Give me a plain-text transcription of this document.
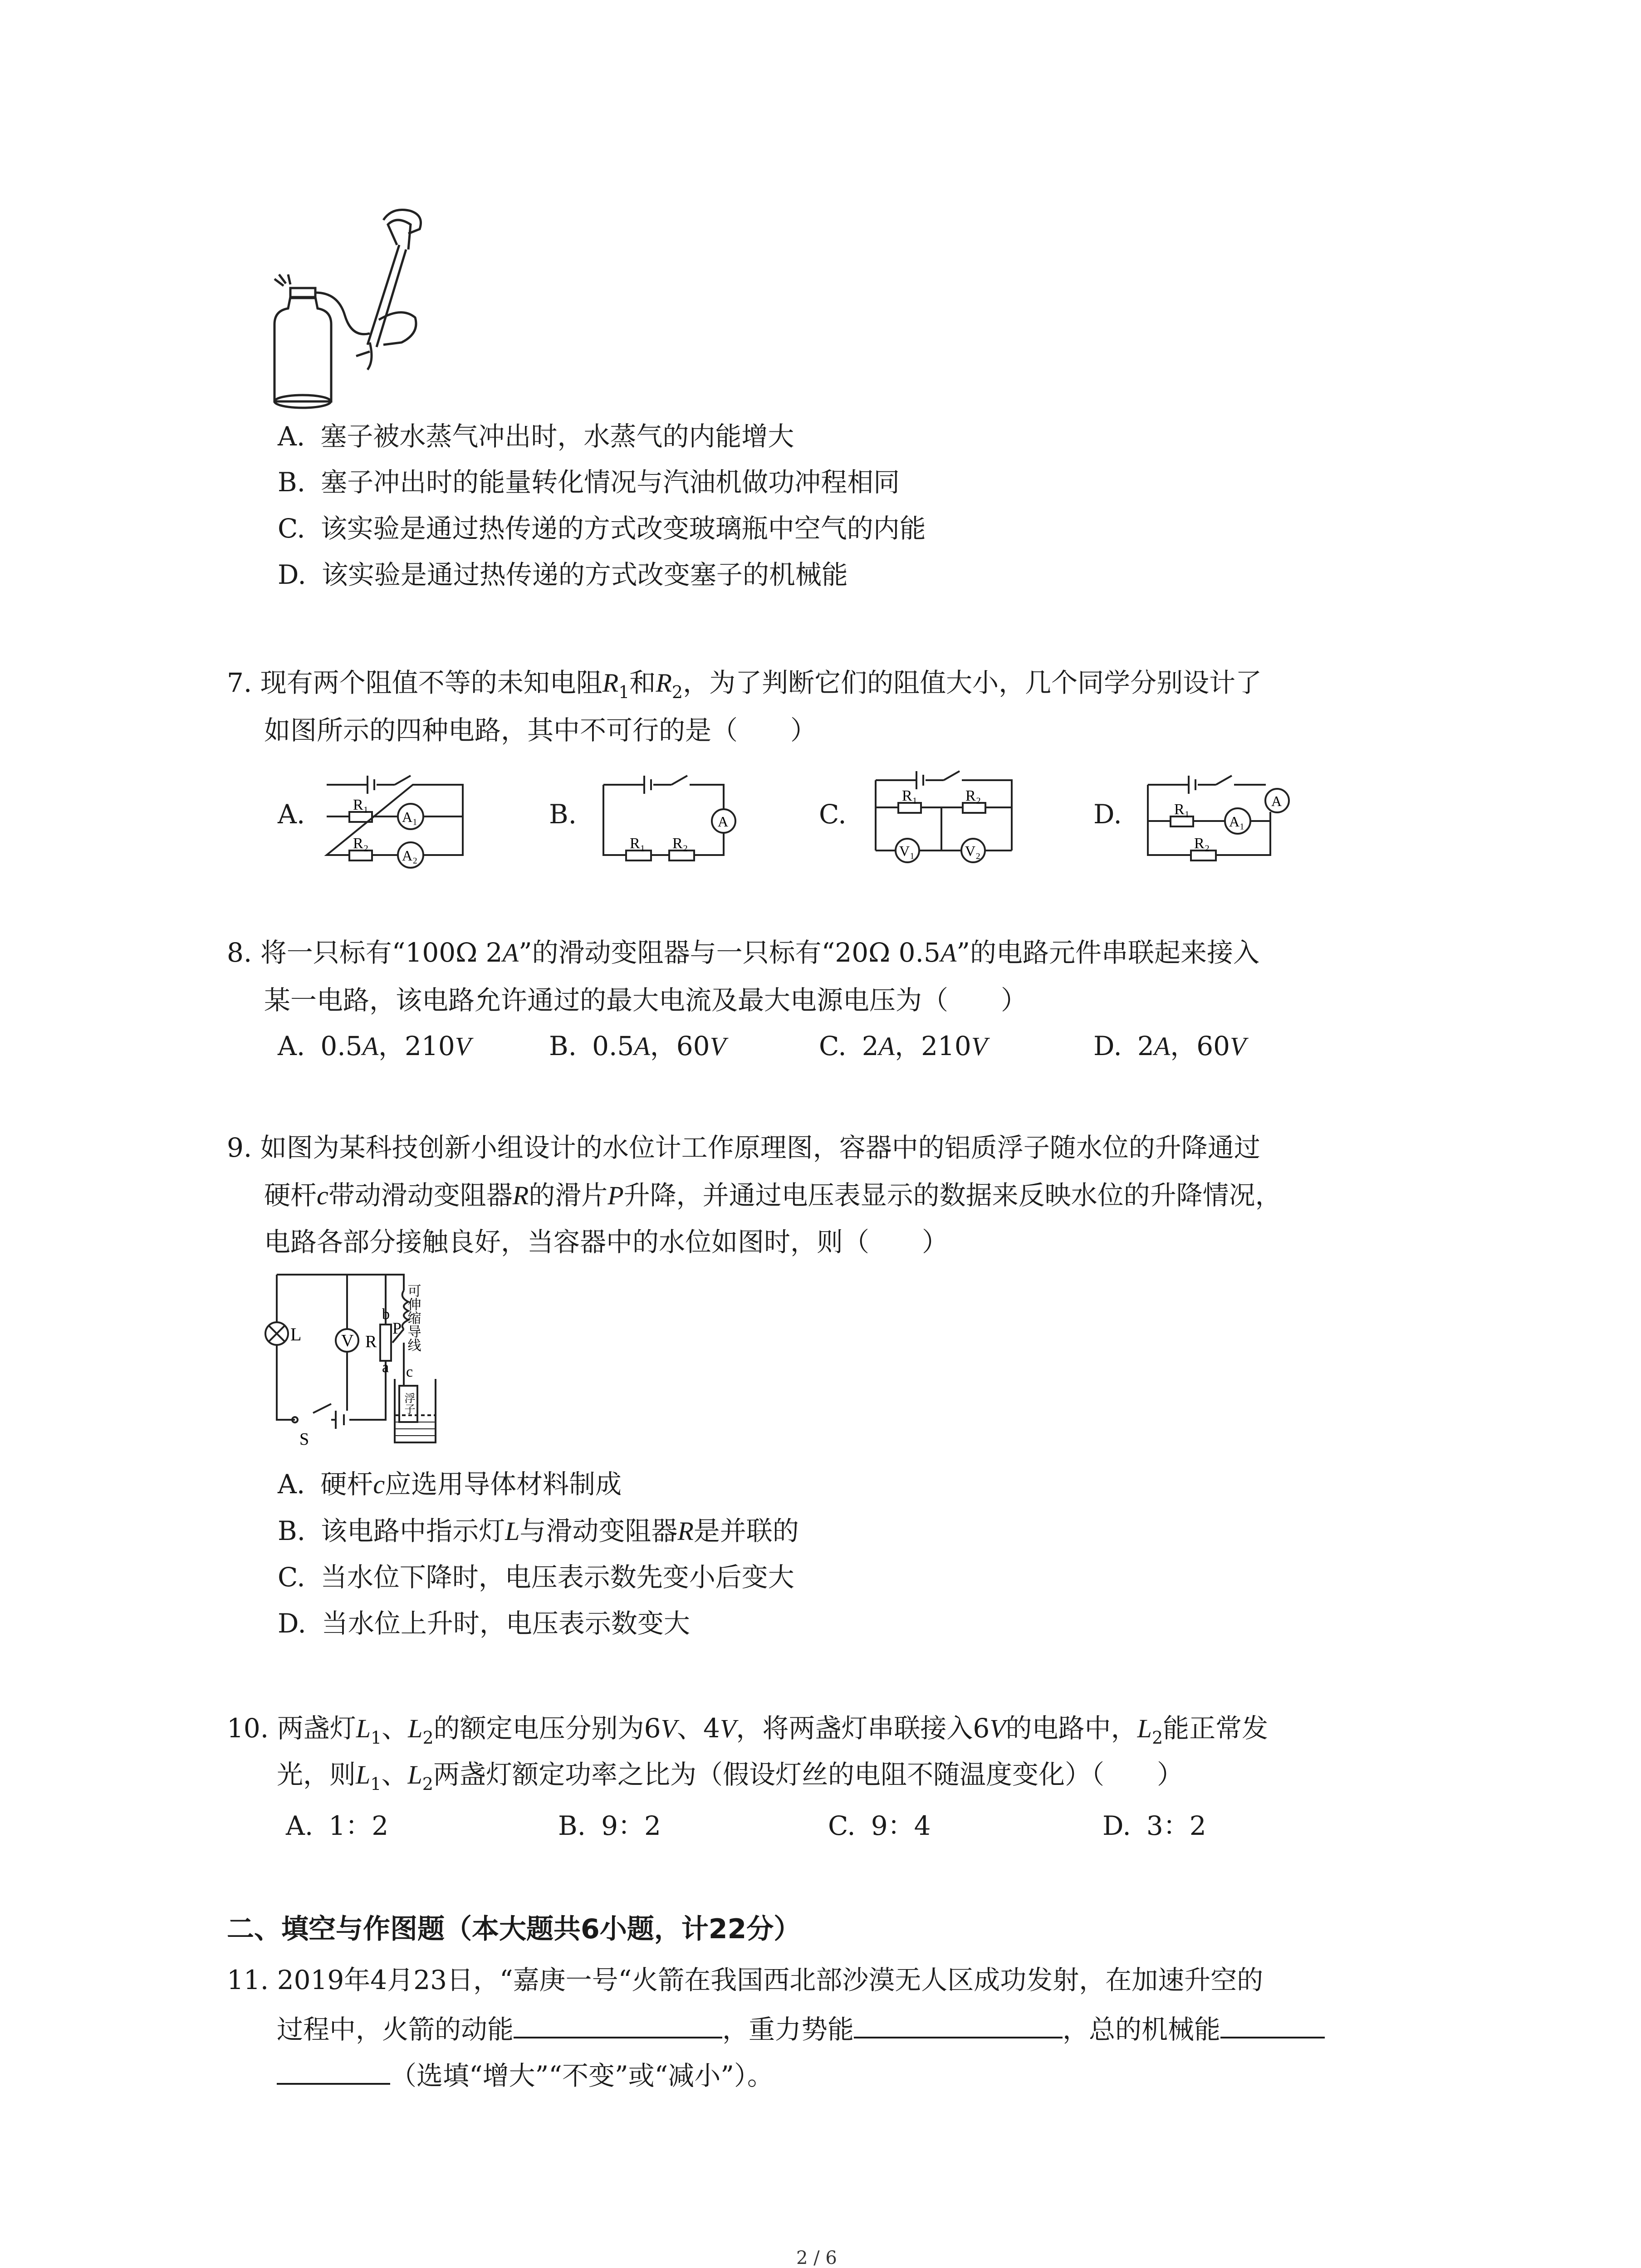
A. 塞子被水蒸气冲出时，水蒸气的内能增大
B. 塞子冲出时的能量转化情况与汽油机做功冲程相同
C. 该实验是通过热传递的方式改变玻璃瓶中空气的内能
D. 该实验是通过热传递的方式改变塞子的机械能
7. 现有两个阻值不等的未知电阻$R_1$和$R_2$，为了判断它们的阻值大小，几个同学分别设计了
如图所示的四种电路，其中不可行的是（　　）
A.	R₁
R₂
A₁
A₂
B.	A
R₁ R₂
C.
R₁	R₂
V₁	V₂
D.	A
R₁
A₁
R₂
8. 将一只标有“100Ω 2A”的滑动变阻器与一只标有“20Ω 0.5A”的电路元件串联起来接入
某一电路，该电路允许通过的最大电流及最大电源电压为（　　）
A. 0.5A，210V	B. 0.5A，60V	C. 2A，210V	D. 2A，60V
9. 如图为某科技创新小组设计的水位计工作原理图，容器中的铝质浮子随水位的升降通过
硬杆c带动滑动变阻器R的滑片P升降，并通过电压表显示的数据来反映水位的升降情况，
电路各部分接触良好，当容器中的水位如图时，则（　　）
L V R
b
P
a c
S
可伸缩导线
浮子
A. 硬杆c应选用导体材料制成
B. 该电路中指示灯L与滑动变阻器R是并联的
C. 当水位下降时，电压表示数先变小后变大
D. 当水位上升时，电压表示数变大
10. 两盏灯$L_1$、$L_2$的额定电压分别为6V、4V，将两盏灯串联接入6V的电路中，$L_2$能正常发
光，则$L_1$、$L_2$两盏灯额定功率之比为（假设灯丝的电阻不随温度变化）（　　）
A. 1：2	B. 9：2	C. 9：4	D. 3：2
二、填空与作图题（本大题共6小题，计22分）
11. 2019年4月23日，“嘉庚一号“火箭在我国西北部沙漠无人区成功发射，在加速升空的
过程中，火箭的动能	，重力势能	，总的机械能
（选填“增大”“不变”或“减小”）。
2 / 6
